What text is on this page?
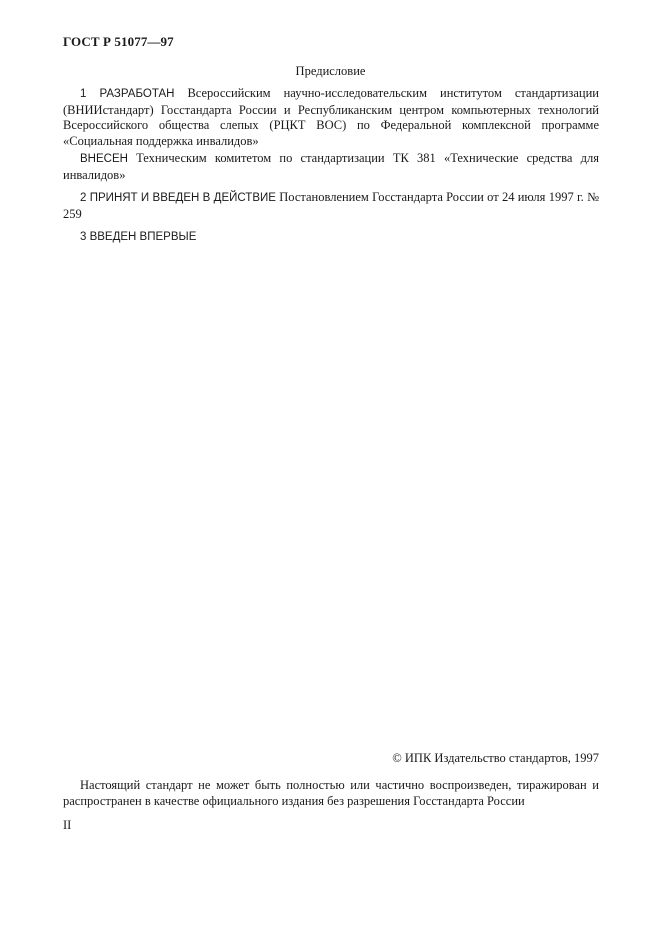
ГОСТ Р 51077—97
Предисловие

1 РАЗРАБОТАН Всероссийским научно-исследовательским институтом стандартизации (ВНИИстандарт) Госстандарта России и Республиканским центром компьютерных технологий Всероссийского общества слепых (РЦКТ ВОС) по Федеральной комплексной программе «Социальная поддержка инвалидов»

ВНЕСЕН Техническим комитетом по стандартизации ТК 381 «Технические средства для инвалидов»

2 ПРИНЯТ И ВВЕДЕН В ДЕЙСТВИЕ Постановлением Госстандарта России от 24 июля 1997 г. № 259

3 ВВЕДЕН ВПЕРВЫЕ

© ИПК Издательство стандартов, 1997

Настоящий стандарт не может быть полностью или частично воспроизведен, тиражирован и распространен в качестве официального издания без разрешения Госстандарта России

II
